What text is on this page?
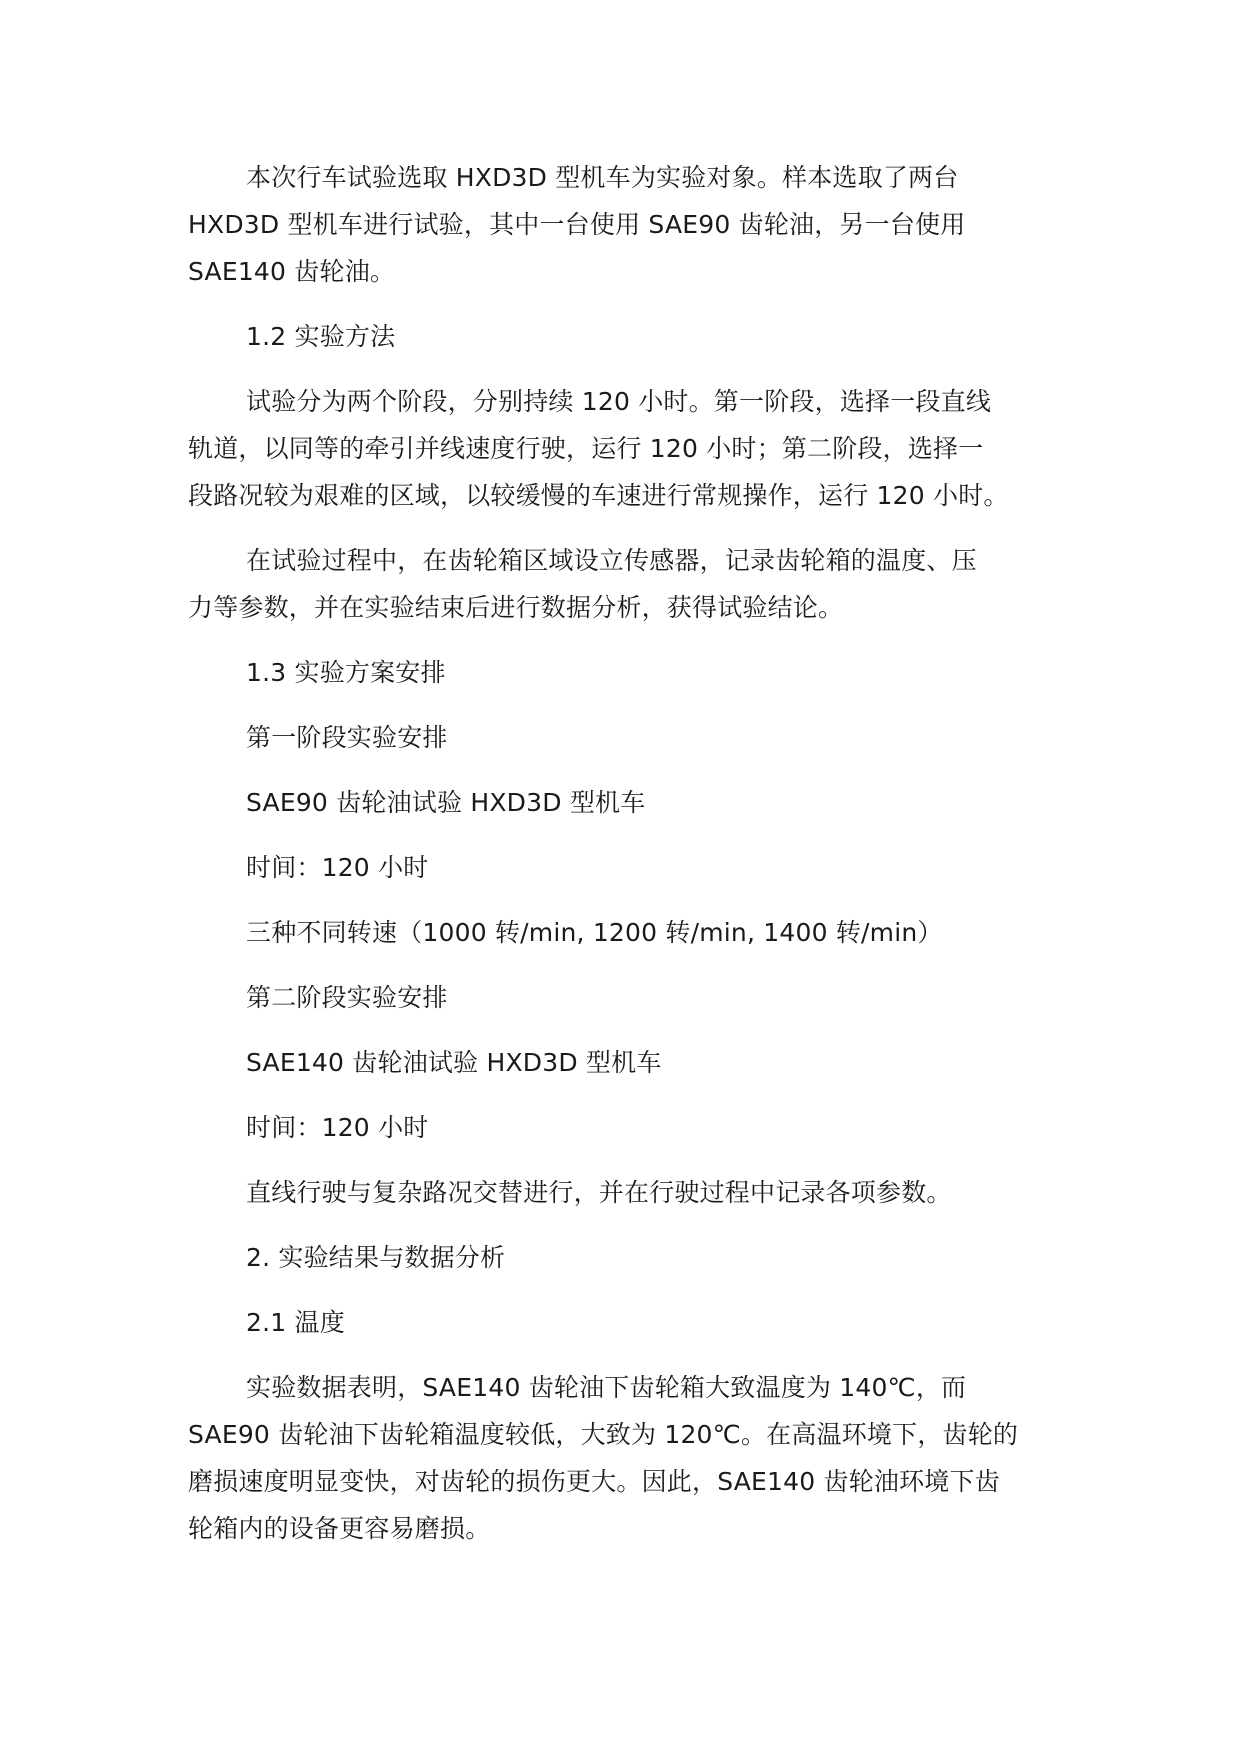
本次行车试验选取 HXD3D 型机车为实验对象。样本选取了两台
HXD3D 型机车进行试验，其中一台使用 SAE90 齿轮油，另一台使用
SAE140 齿轮油。

1.2 实验方法

试验分为两个阶段，分别持续 120 小时。第一阶段，选择一段直线
轨道，以同等的牵引并线速度行驶，运行 120 小时；第二阶段，选择一
段路况较为艰难的区域，以较缓慢的车速进行常规操作，运行 120 小时。

在试验过程中，在齿轮箱区域设立传感器，记录齿轮箱的温度、压
力等参数，并在实验结束后进行数据分析，获得试验结论。

1.3 实验方案安排

第一阶段实验安排

SAE90 齿轮油试验 HXD3D 型机车

时间：120 小时

三种不同转速（1000 转/min, 1200 转/min, 1400 转/min）

第二阶段实验安排

SAE140 齿轮油试验 HXD3D 型机车

时间：120 小时

直线行驶与复杂路况交替进行，并在行驶过程中记录各项参数。

2. 实验结果与数据分析

2.1 温度

实验数据表明，SAE140 齿轮油下齿轮箱大致温度为 140℃，而
SAE90 齿轮油下齿轮箱温度较低，大致为 120℃。在高温环境下，齿轮的
磨损速度明显变快，对齿轮的损伤更大。因此，SAE140 齿轮油环境下齿
轮箱内的设备更容易磨损。
